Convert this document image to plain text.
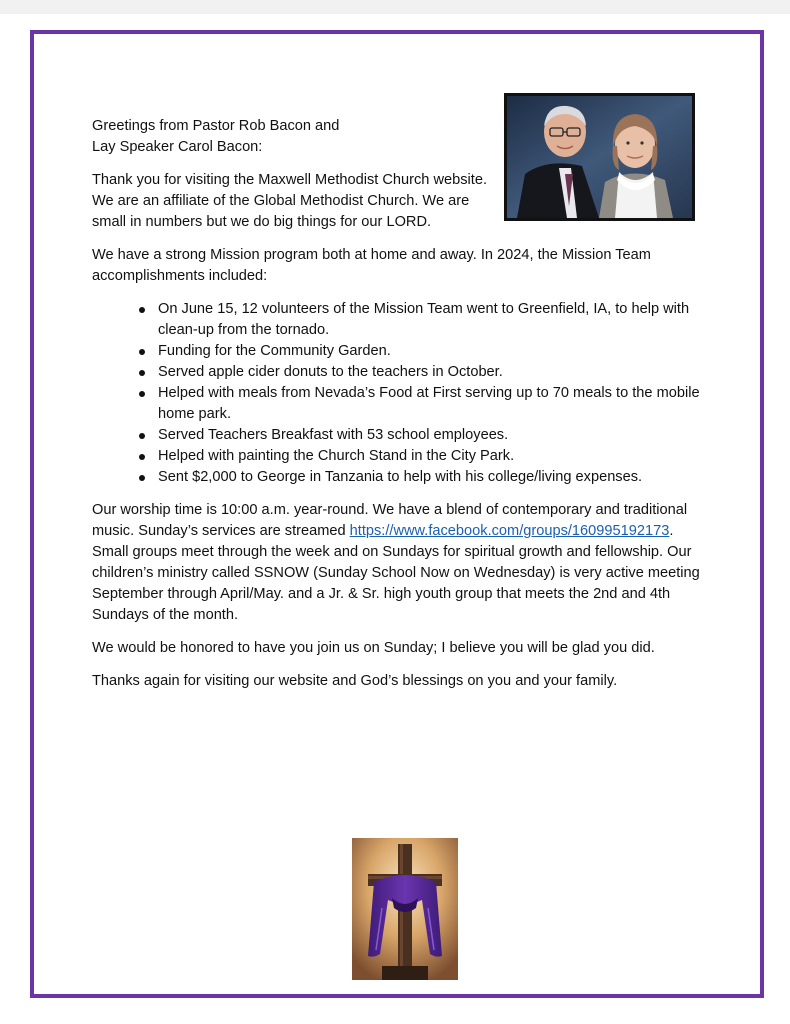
Greetings from Pastor Rob Bacon and
Lay Speaker Carol Bacon:

Thank you for visiting the Maxwell Methodist Church website. We are an affiliate of the Global Methodist Church. We are small in numbers but we do big things for our LORD.

We have a strong Mission program both at home and away. In 2024, the Mission Team accomplishments included:

On June 15, 12 volunteers of the Mission Team went to Greenfield, IA, to help with clean-up from the tornado.
Funding for the Community Garden.
Served apple cider donuts to the teachers in October.
Helped with meals from Nevada’s Food at First serving up to 70 meals to the mobile home park.
Served Teachers Breakfast with 53 school employees.
Helped with painting the Church Stand in the City Park.
Sent $2,000 to George in Tanzania to help with his college/living expenses.

Our worship time is 10:00 a.m. year-round. We have a blend of contemporary and traditional music. Sunday’s services are streamed https://www.facebook.com/groups/160995192173. Small groups meet through the week and on Sundays for spiritual growth and fellowship. Our children’s ministry called SSNOW (Sunday School Now on Wednesday) is very active meeting September through April/May. and a Jr. & Sr. high youth group that meets the 2nd and 4th Sundays of the month.

We would be honored to have you join us on Sunday; I believe you will be glad you did.

Thanks again for visiting our website and God’s blessings on you and your family.
